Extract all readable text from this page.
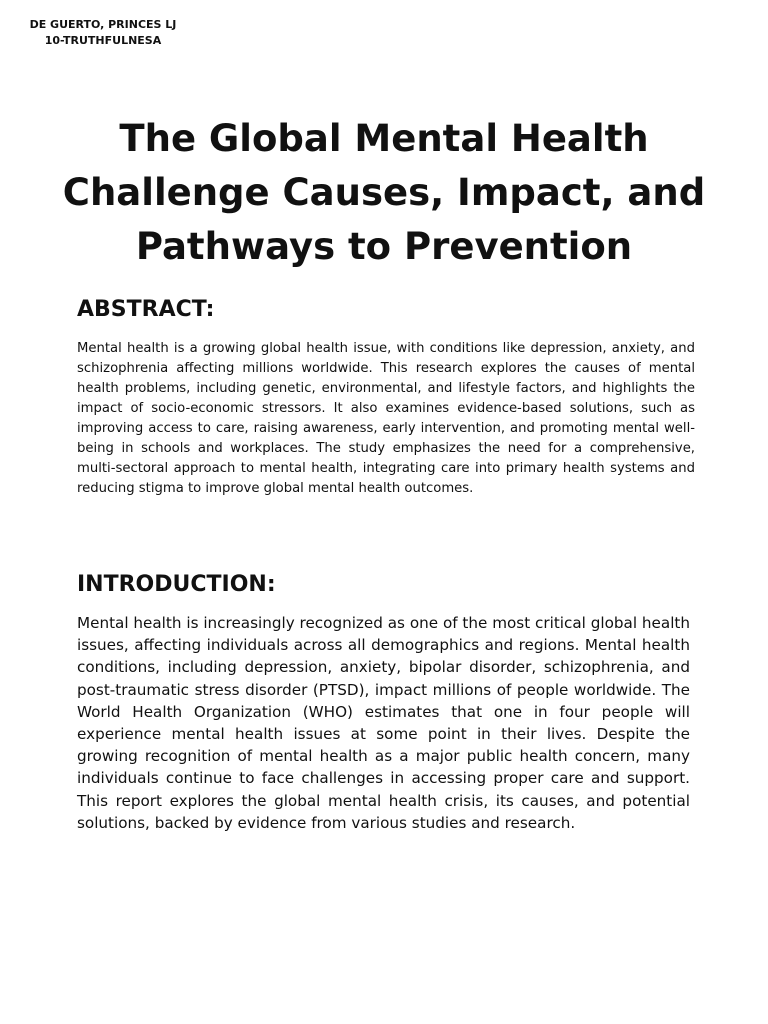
DE GUERTO, PRINCES LJ
10-TRUTHFULNESA
The Global Mental Health Challenge Causes, Impact, and Pathways to Prevention
ABSTRACT:

Mental health is a growing global health issue, with conditions like depression, anxiety, and schizophrenia affecting millions worldwide. This research explores the causes of mental health problems, including genetic, environmental, and lifestyle factors, and highlights the impact of socio-economic stressors. It also examines evidence-based solutions, such as improving access to care, raising awareness, early intervention, and promoting mental well-being in schools and workplaces. The study emphasizes the need for a comprehensive, multi-sectoral approach to mental health, integrating care into primary health systems and reducing stigma to improve global mental health outcomes.

INTRODUCTION:

Mental health is increasingly recognized as one of the most critical global health issues, affecting individuals across all demographics and regions. Mental health conditions, including depression, anxiety, bipolar disorder, schizophrenia, and post-traumatic stress disorder (PTSD), impact millions of people worldwide. The World Health Organization (WHO) estimates that one in four people will experience mental health issues at some point in their lives. Despite the growing recognition of mental health as a major public health concern, many individuals continue to face challenges in accessing proper care and support. This report explores the global mental health crisis, its causes, and potential solutions, backed by evidence from various studies and research.
